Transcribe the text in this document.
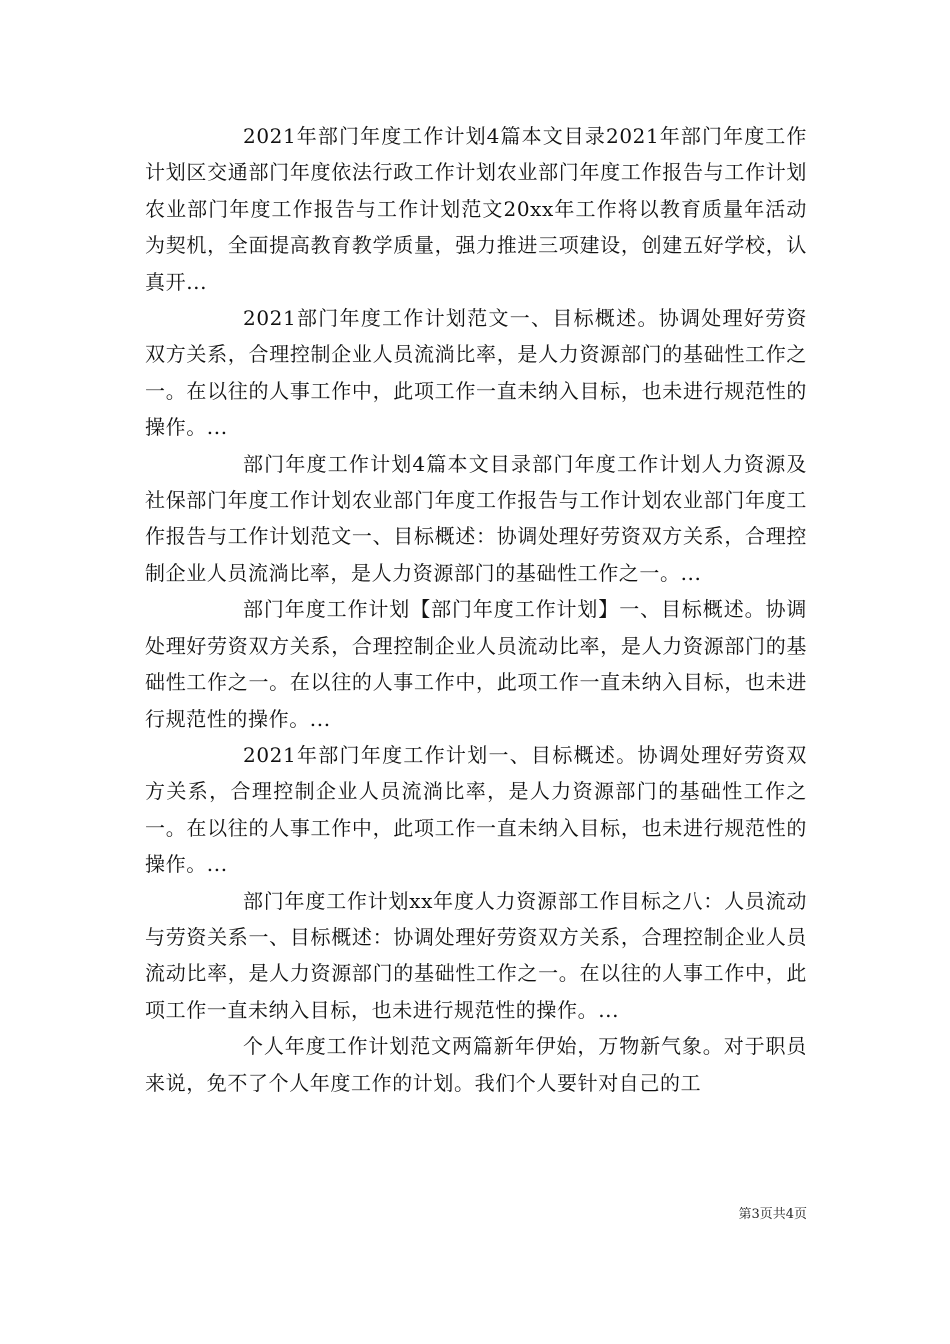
2021年部门年度工作计划4篇本文目录2021年部门年度工作计划区交通部门年度依法行政工作计划农业部门年度工作报告与工作计划农业部门年度工作报告与工作计划范文20xx年工作将以教育质量年活动为契机，全面提高教育教学质量，强力推进三项建设，创建五好学校，认真开...

2021部门年度工作计划范文一、目标概述。协调处理好劳资双方关系，合理控制企业人员流淌比率，是人力资源部门的基础性工作之一。在以往的人事工作中，此项工作一直未纳入目标，也未进行规范性的操作。...

部门年度工作计划4篇本文目录部门年度工作计划人力资源及社保部门年度工作计划农业部门年度工作报告与工作计划农业部门年度工作报告与工作计划范文一、目标概述：协调处理好劳资双方关系，合理控制企业人员流淌比率，是人力资源部门的基础性工作之一。...

部门年度工作计划【部门年度工作计划】一、目标概述。协调处理好劳资双方关系，合理控制企业人员流动比率，是人力资源部门的基础性工作之一。在以往的人事工作中，此项工作一直未纳入目标，也未进行规范性的操作。...

2021年部门年度工作计划一、目标概述。协调处理好劳资双方关系，合理控制企业人员流淌比率，是人力资源部门的基础性工作之一。在以往的人事工作中，此项工作一直未纳入目标，也未进行规范性的操作。...

部门年度工作计划xx年度人力资源部工作目标之八：人员流动与劳资关系一、目标概述：协调处理好劳资双方关系，合理控制企业人员流动比率，是人力资源部门的基础性工作之一。在以往的人事工作中，此项工作一直未纳入目标，也未进行规范性的操作。...

个人年度工作计划范文两篇新年伊始，万物新气象。对于职员来说，免不了个人年度工作的计划。我们个人要针对自己的工

第3页共4页
